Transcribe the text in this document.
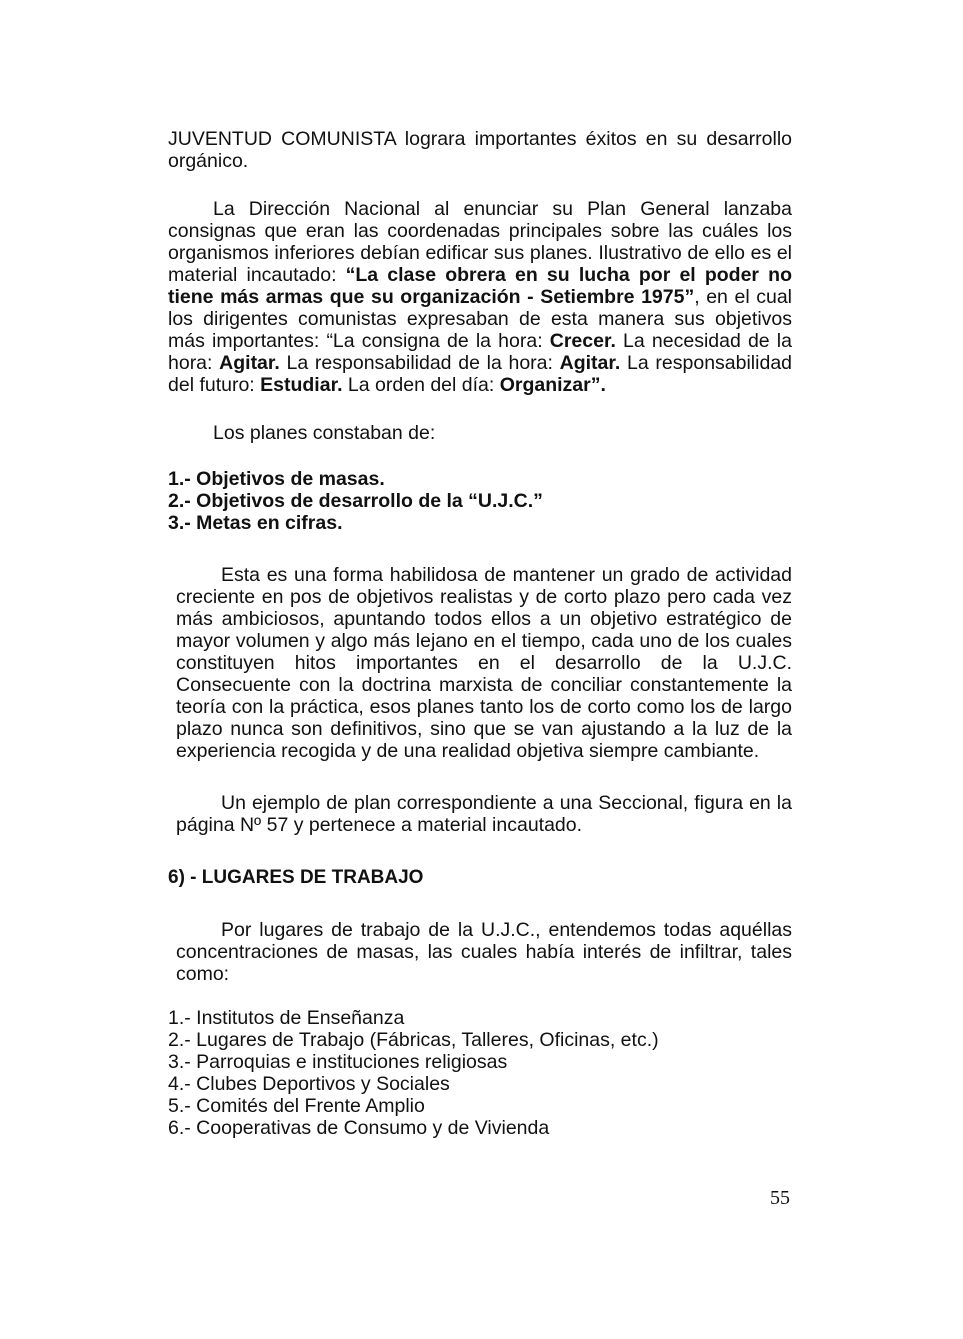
JUVENTUD COMUNISTA lograra importantes éxitos en su desarrollo orgánico.

La Dirección Nacional al enunciar su Plan General lanzaba consignas que eran las coordenadas principales sobre las cuáles los organismos inferiores debían edificar sus planes. Ilustrativo de ello es el material incautado: “La clase obrera en su lucha por el poder no tiene más armas que su organización - Setiembre 1975”, en el cual los dirigentes comunistas expresaban de esta manera sus objetivos más importantes: “La consigna de la hora: Crecer. La necesidad de la hora: Agitar. La responsabilidad de la hora: Agitar. La responsabilidad del futuro: Estudiar. La orden del día: Organizar”.

Los planes constaban de:

1.- Objetivos de masas.
2.- Objetivos de desarrollo de la “U.J.C.”
3.- Metas en cifras.

Esta es una forma habilidosa de mantener un grado de actividad creciente en pos de objetivos realistas y de corto plazo pero cada vez más ambiciosos, apuntando todos ellos a un objetivo estratégico de mayor volumen y algo más lejano en el tiempo, cada uno de los cuales constituyen hitos importantes en el desarrollo de la U.J.C. Consecuente con la doctrina marxista de conciliar constantemente la teoría con la práctica, esos planes tanto los de corto como los de largo plazo nunca son definitivos, sino que se van ajustando a la luz de la experiencia recogida y de una realidad objetiva siempre cambiante.

Un ejemplo de plan correspondiente a una Seccional, figura en la página Nº 57 y pertenece a material incautado.

6) - LUGARES DE TRABAJO

Por lugares de trabajo de la U.J.C., entendemos todas aquéllas concentraciones de masas, las cuales había interés de infiltrar, tales como:

1.- Institutos de Enseñanza
2.- Lugares de Trabajo (Fábricas, Talleres, Oficinas, etc.)
3.- Parroquias e instituciones religiosas
4.- Clubes Deportivos y Sociales
5.- Comités del Frente Amplio
6.- Cooperativas de Consumo y de Vivienda
55
